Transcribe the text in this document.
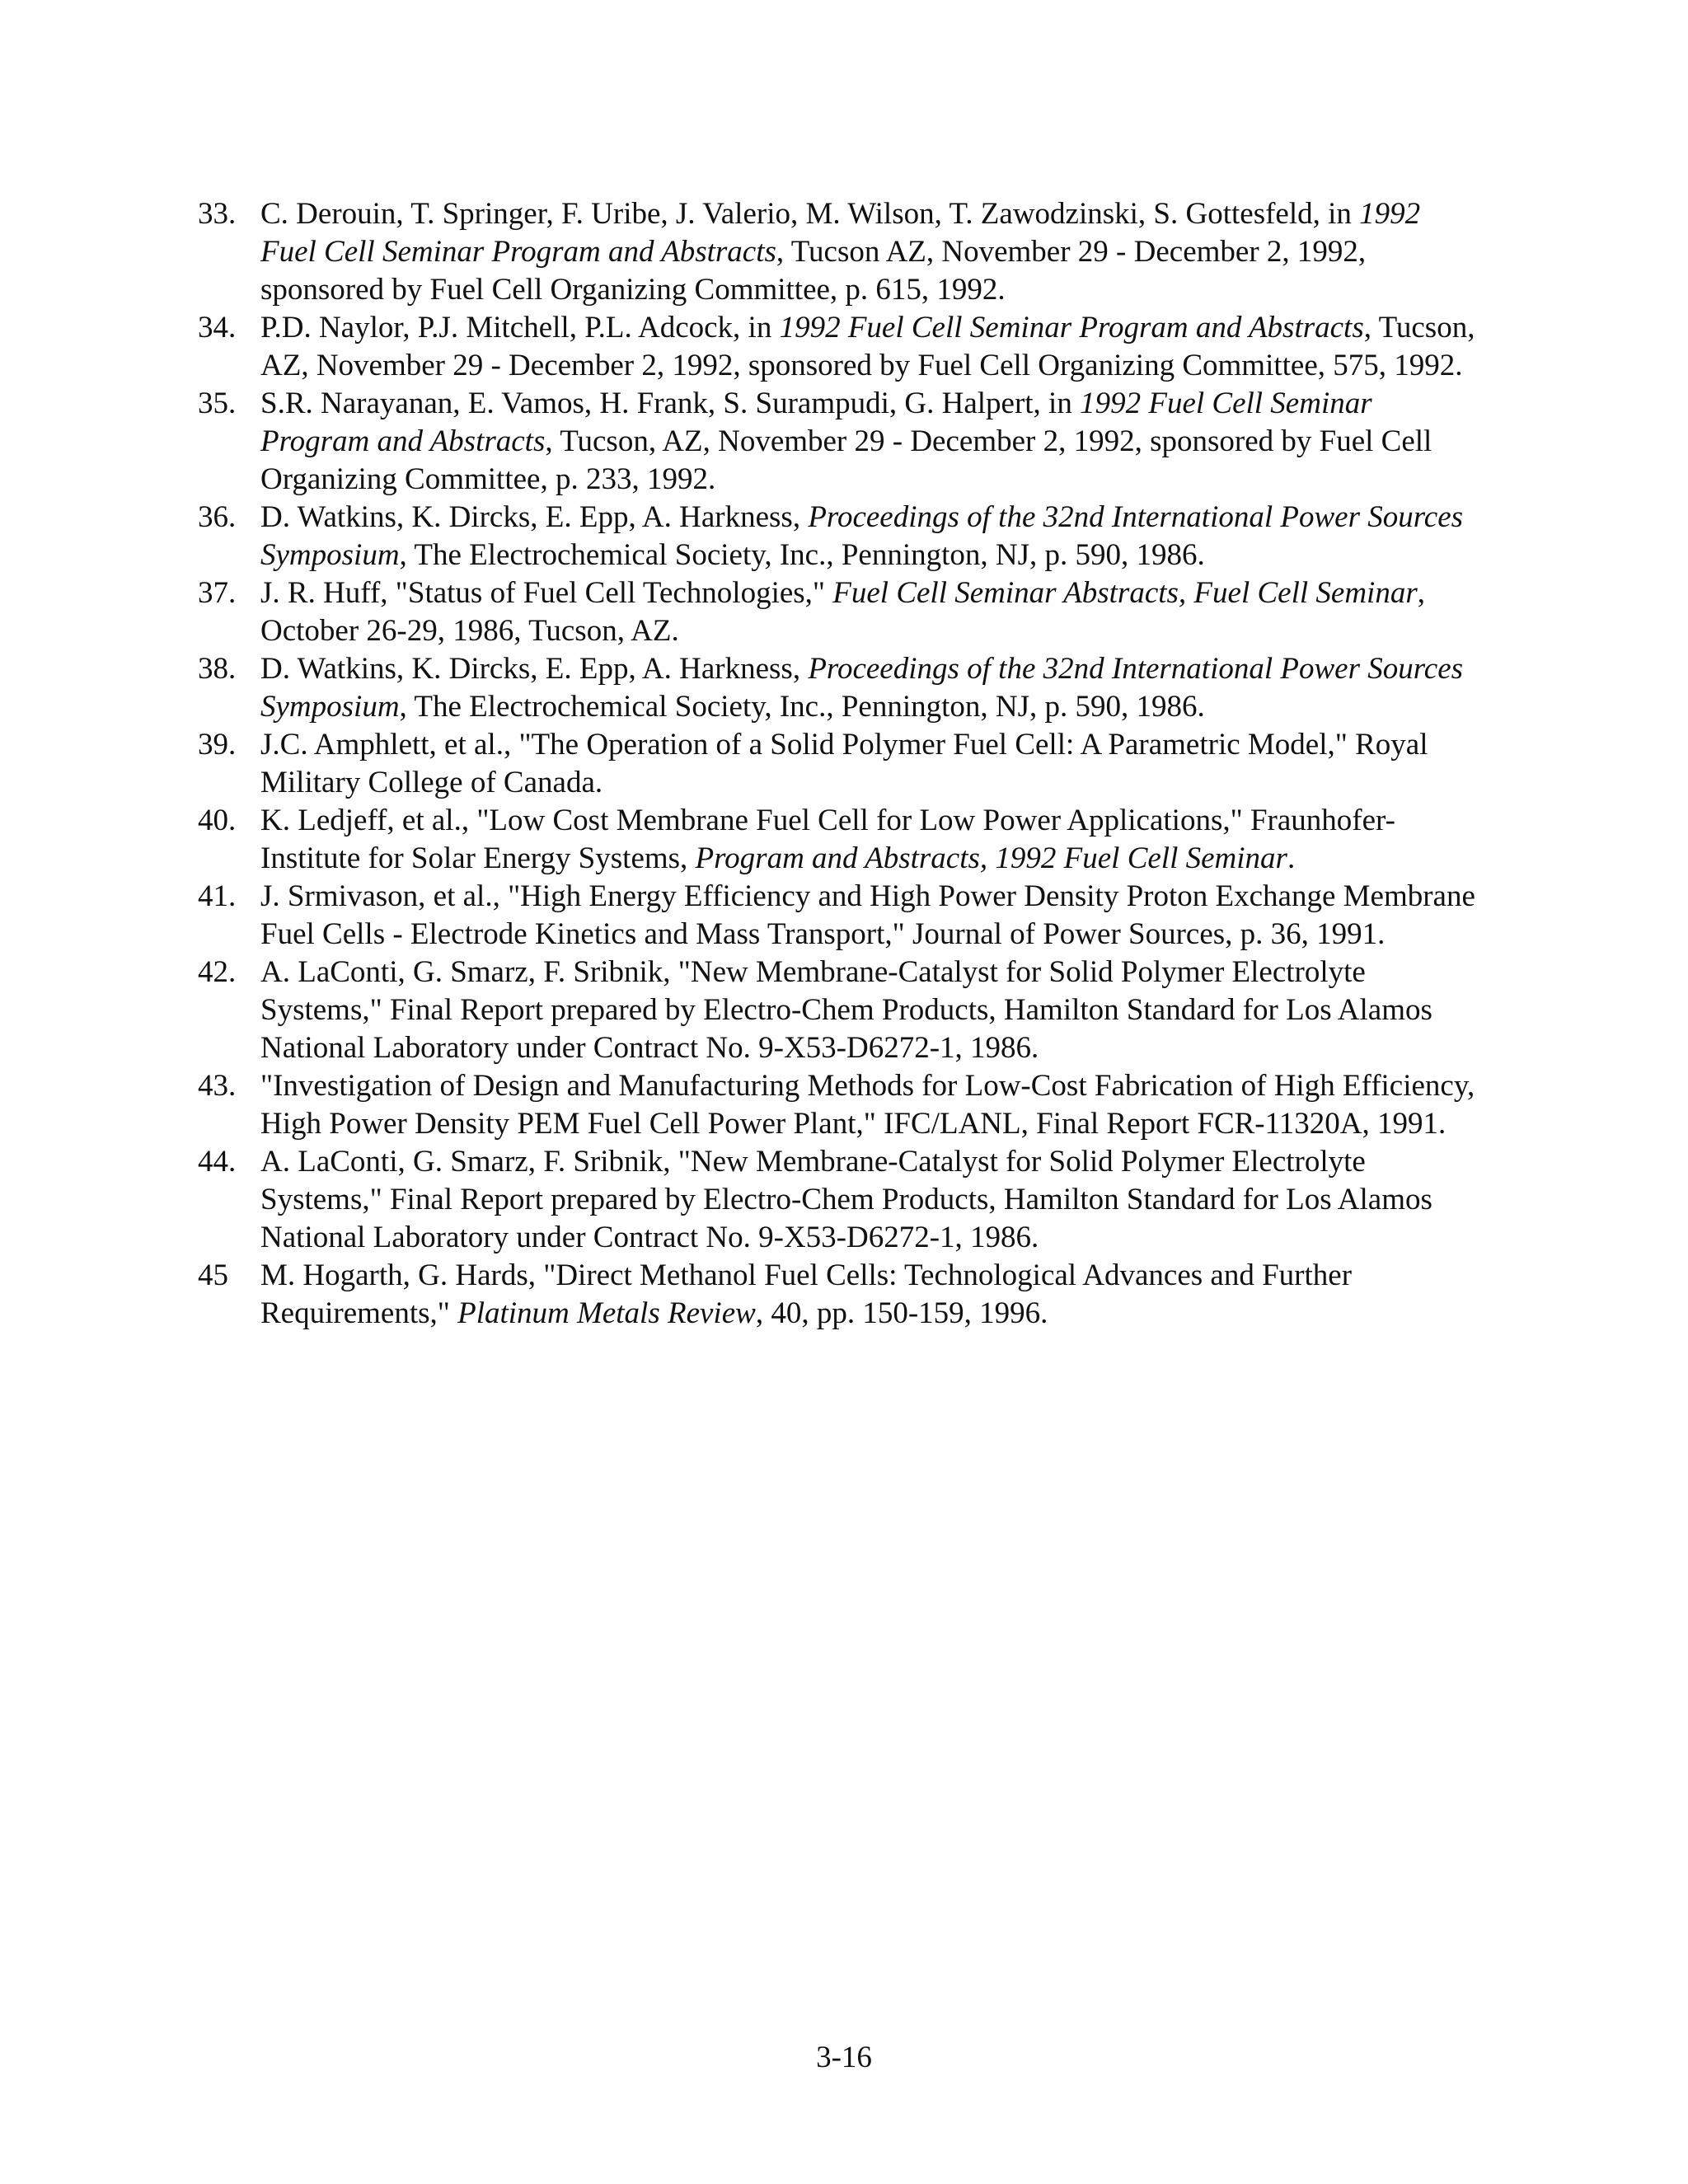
33. C. Derouin, T. Springer, F. Uribe, J. Valerio, M. Wilson, T. Zawodzinski, S. Gottesfeld, in 1992 Fuel Cell Seminar Program and Abstracts, Tucson AZ, November 29 - December 2, 1992, sponsored by Fuel Cell Organizing Committee, p. 615, 1992.
34. P.D. Naylor, P.J. Mitchell, P.L. Adcock, in 1992 Fuel Cell Seminar Program and Abstracts, Tucson, AZ, November 29 - December 2, 1992, sponsored by Fuel Cell Organizing Committee, 575, 1992.
35. S.R. Narayanan, E. Vamos, H. Frank, S. Surampudi, G. Halpert, in 1992 Fuel Cell Seminar Program and Abstracts, Tucson, AZ, November 29 - December 2, 1992, sponsored by Fuel Cell Organizing Committee, p. 233, 1992.
36. D. Watkins, K. Dircks, E. Epp, A. Harkness, Proceedings of the 32nd International Power Sources Symposium, The Electrochemical Society, Inc., Pennington, NJ, p. 590, 1986.
37. J. R. Huff, "Status of Fuel Cell Technologies," Fuel Cell Seminar Abstracts, Fuel Cell Seminar, October 26-29, 1986, Tucson, AZ.
38. D. Watkins, K. Dircks, E. Epp, A. Harkness, Proceedings of the 32nd International Power Sources Symposium, The Electrochemical Society, Inc., Pennington, NJ, p. 590, 1986.
39. J.C. Amphlett, et al., "The Operation of a Solid Polymer Fuel Cell: A Parametric Model," Royal Military College of Canada.
40. K. Ledjeff, et al., "Low Cost Membrane Fuel Cell for Low Power Applications," Fraunhofer-Institute for Solar Energy Systems, Program and Abstracts, 1992 Fuel Cell Seminar.
41. J. Srmivason, et al., "High Energy Efficiency and High Power Density Proton Exchange Membrane Fuel Cells - Electrode Kinetics and Mass Transport," Journal of Power Sources, p. 36, 1991.
42. A. LaConti, G. Smarz, F. Sribnik, "New Membrane-Catalyst for Solid Polymer Electrolyte Systems," Final Report prepared by Electro-Chem Products, Hamilton Standard for Los Alamos National Laboratory under Contract No. 9-X53-D6272-1, 1986.
43. "Investigation of Design and Manufacturing Methods for Low-Cost Fabrication of High Efficiency, High Power Density PEM Fuel Cell Power Plant," IFC/LANL, Final Report FCR-11320A, 1991.
44. A. LaConti, G. Smarz, F. Sribnik, "New Membrane-Catalyst for Solid Polymer Electrolyte Systems," Final Report prepared by Electro-Chem Products, Hamilton Standard for Los Alamos National Laboratory under Contract No. 9-X53-D6272-1, 1986.
45	M. Hogarth, G. Hards, "Direct Methanol Fuel Cells: Technological Advances and Further Requirements," Platinum Metals Review, 40, pp. 150-159, 1996.
3-16
